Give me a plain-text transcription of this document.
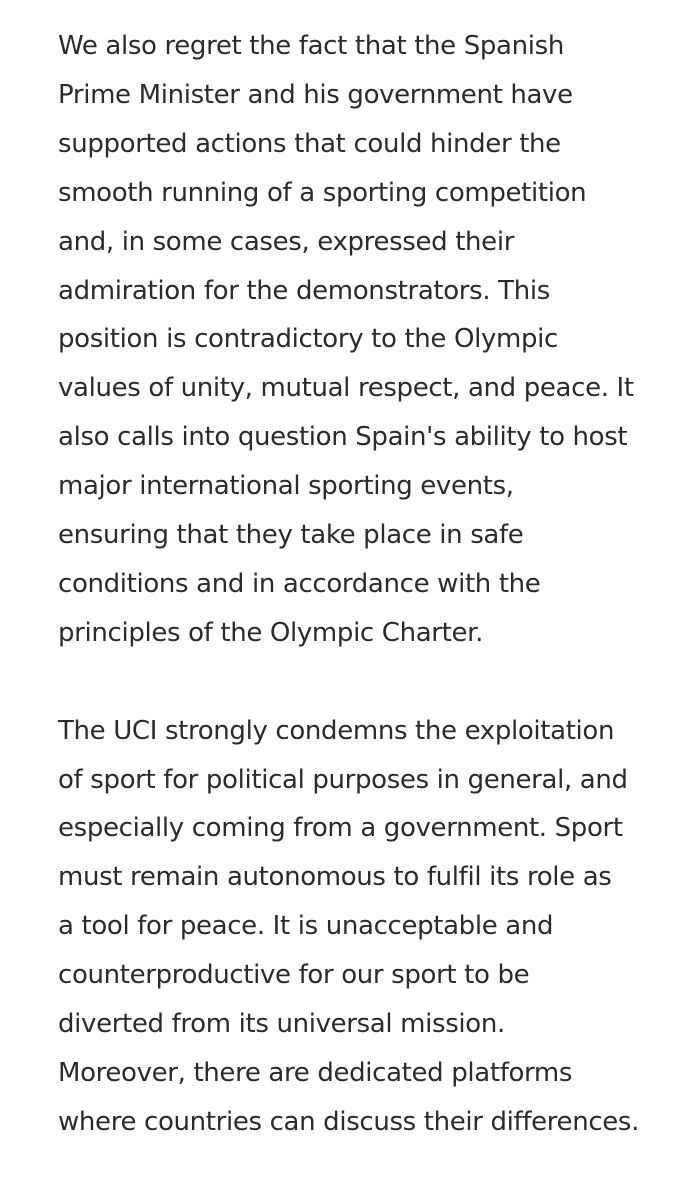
We also regret the fact that the Spanish
Prime Minister and his government have
supported actions that could hinder the
smooth running of a sporting competition
and, in some cases, expressed their
admiration for the demonstrators. This
position is contradictory to the Olympic
values of unity, mutual respect, and peace. It
also calls into question Spain's ability to host
major international sporting events,
ensuring that they take place in safe
conditions and in accordance with the
principles of the Olympic Charter.

The UCI strongly condemns the exploitation
of sport for political purposes in general, and
especially coming from a government. Sport
must remain autonomous to fulfil its role as
a tool for peace. It is unacceptable and
counterproductive for our sport to be
diverted from its universal mission.
Moreover, there are dedicated platforms
where countries can discuss their differences.
